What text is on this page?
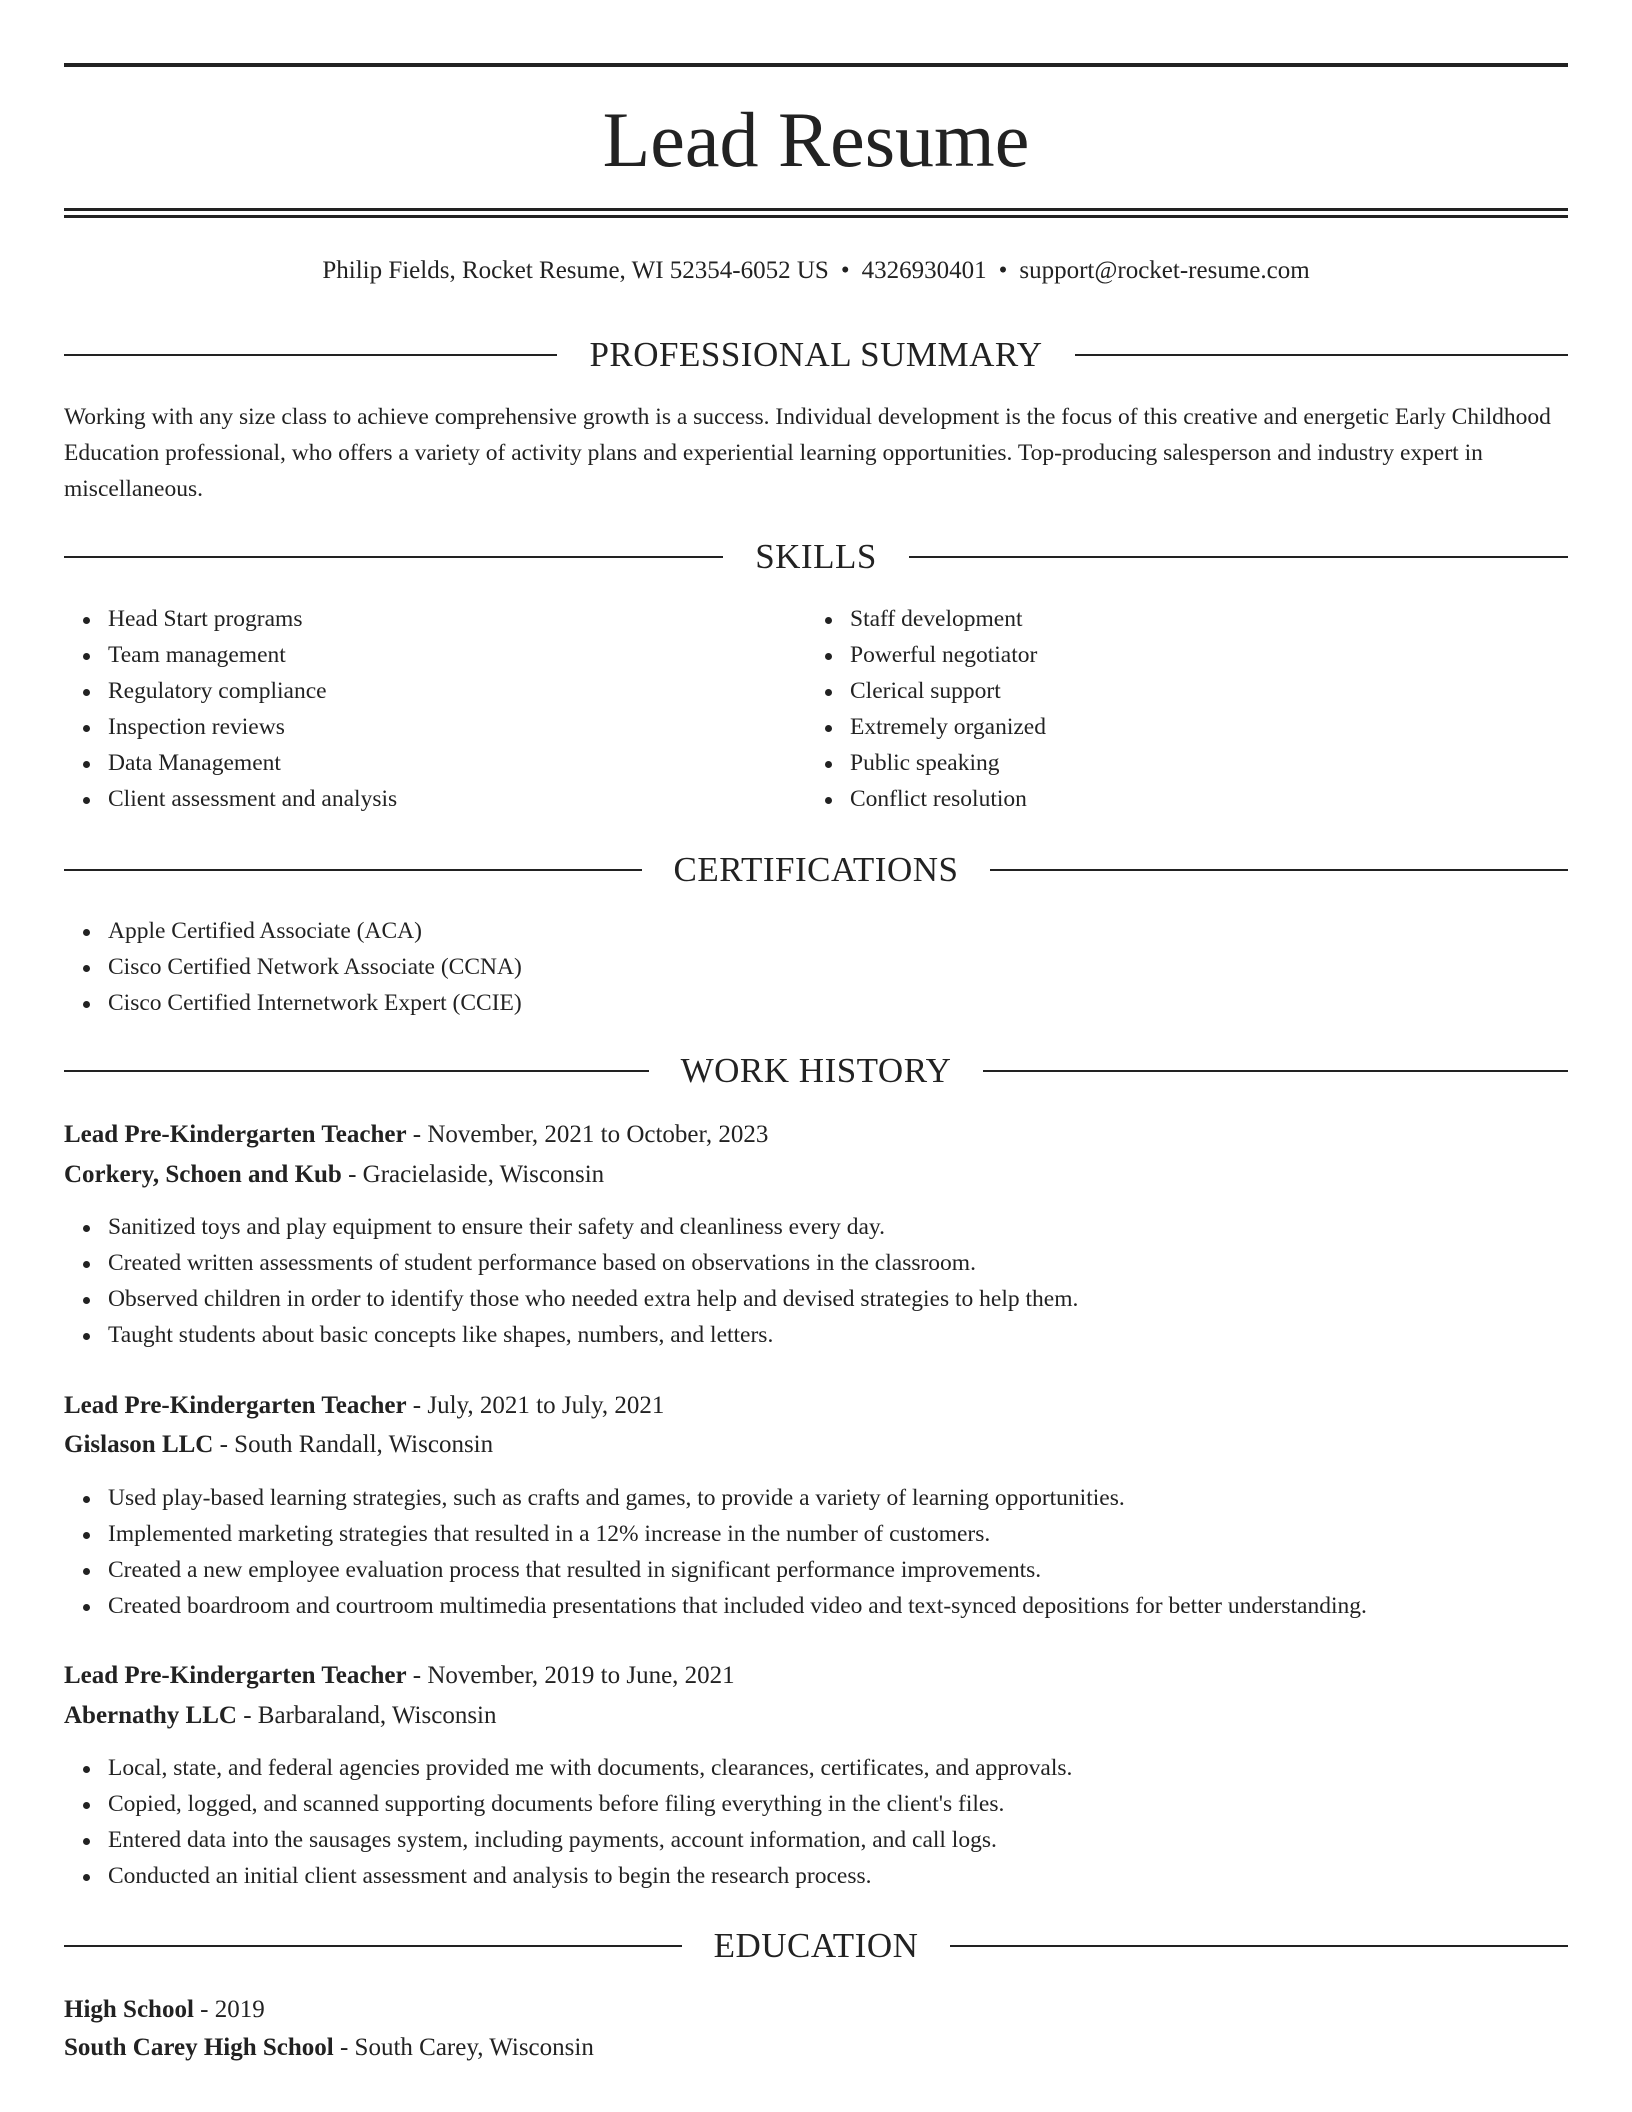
Lead Resume
Philip Fields, Rocket Resume, WI 52354-6052 US • 4326930401 • support@rocket-resume.com
PROFESSIONAL SUMMARY
Working with any size class to achieve comprehensive growth is a success. Individual development is the focus of this creative and energetic Early Childhood Education professional, who offers a variety of activity plans and experiential learning opportunities. Top-producing salesperson and industry expert in miscellaneous.
SKILLS
Head Start programs
Team management
Regulatory compliance
Inspection reviews
Data Management
Client assessment and analysis
Staff development
Powerful negotiator
Clerical support
Extremely organized
Public speaking
Conflict resolution
CERTIFICATIONS
Apple Certified Associate (ACA)
Cisco Certified Network Associate (CCNA)
Cisco Certified Internetwork Expert (CCIE)
WORK HISTORY
Lead Pre-Kindergarten Teacher - November, 2021 to October, 2023
Corkery, Schoen and Kub - Gracielaside, Wisconsin
Sanitized toys and play equipment to ensure their safety and cleanliness every day.
Created written assessments of student performance based on observations in the classroom.
Observed children in order to identify those who needed extra help and devised strategies to help them.
Taught students about basic concepts like shapes, numbers, and letters.
Lead Pre-Kindergarten Teacher - July, 2021 to July, 2021
Gislason LLC - South Randall, Wisconsin
Used play-based learning strategies, such as crafts and games, to provide a variety of learning opportunities.
Implemented marketing strategies that resulted in a 12% increase in the number of customers.
Created a new employee evaluation process that resulted in significant performance improvements.
Created boardroom and courtroom multimedia presentations that included video and text-synced depositions for better understanding.
Lead Pre-Kindergarten Teacher - November, 2019 to June, 2021
Abernathy LLC - Barbaraland, Wisconsin
Local, state, and federal agencies provided me with documents, clearances, certificates, and approvals.
Copied, logged, and scanned supporting documents before filing everything in the client's files.
Entered data into the sausages system, including payments, account information, and call logs.
Conducted an initial client assessment and analysis to begin the research process.
EDUCATION
High School - 2019
South Carey High School - South Carey, Wisconsin
